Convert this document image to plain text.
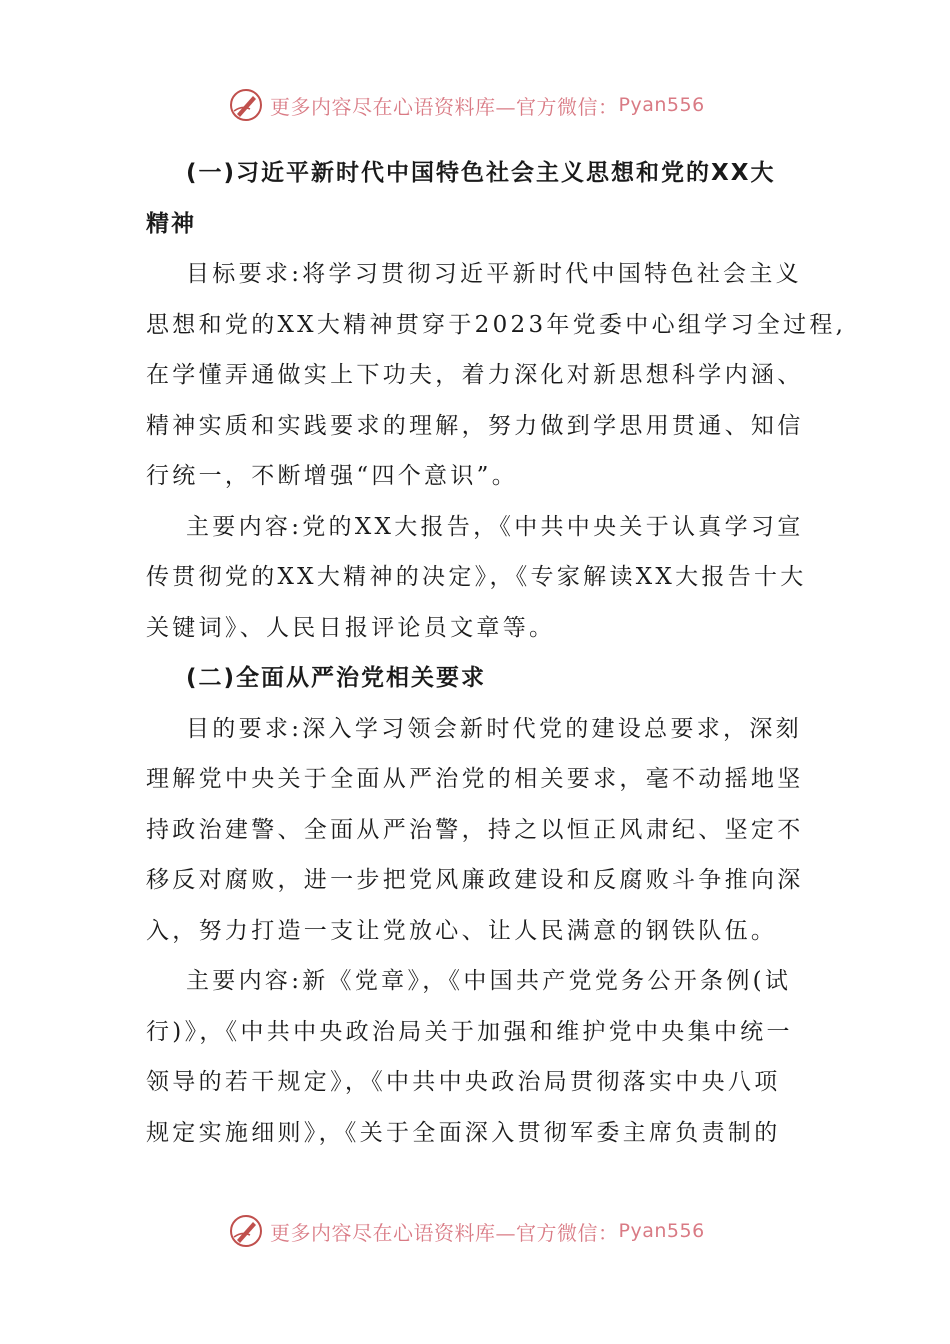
更多内容尽在心语资料库—官方微信： Pyan556
(一)习近平新时代中国特色社会主义思想和党的XX大
精神
目标要求:将学习贯彻习近平新时代中国特色社会主义
思想和党的XX大精神贯穿于2023年党委中心组学习全过程,
在学懂弄通做实上下功夫，着力深化对新思想科学内涵、
精神实质和实践要求的理解，努力做到学思用贯通、知信
行统一，不断增强“四个意识”。
主要内容:党的XX大报告，《中共中央关于认真学习宣
传贯彻党的XX大精神的决定》，《专家解读XX大报告十大
关键词》、人民日报评论员文章等。
(二)全面从严治党相关要求
目的要求:深入学习领会新时代党的建设总要求，深刻
理解党中央关于全面从严治党的相关要求，毫不动摇地坚
持政治建警、全面从严治警，持之以恒正风肃纪、坚定不
移反对腐败，进一步把党风廉政建设和反腐败斗争推向深
入，努力打造一支让党放心、让人民满意的钢铁队伍。
主要内容:新《党章》，《中国共产党党务公开条例(试
行)》，《中共中央政治局关于加强和维护党中央集中统一
领导的若干规定》，《中共中央政治局贯彻落实中央八项
规定实施细则》，《关于全面深入贯彻军委主席负责制的
更多内容尽在心语资料库—官方微信： Pyan556
